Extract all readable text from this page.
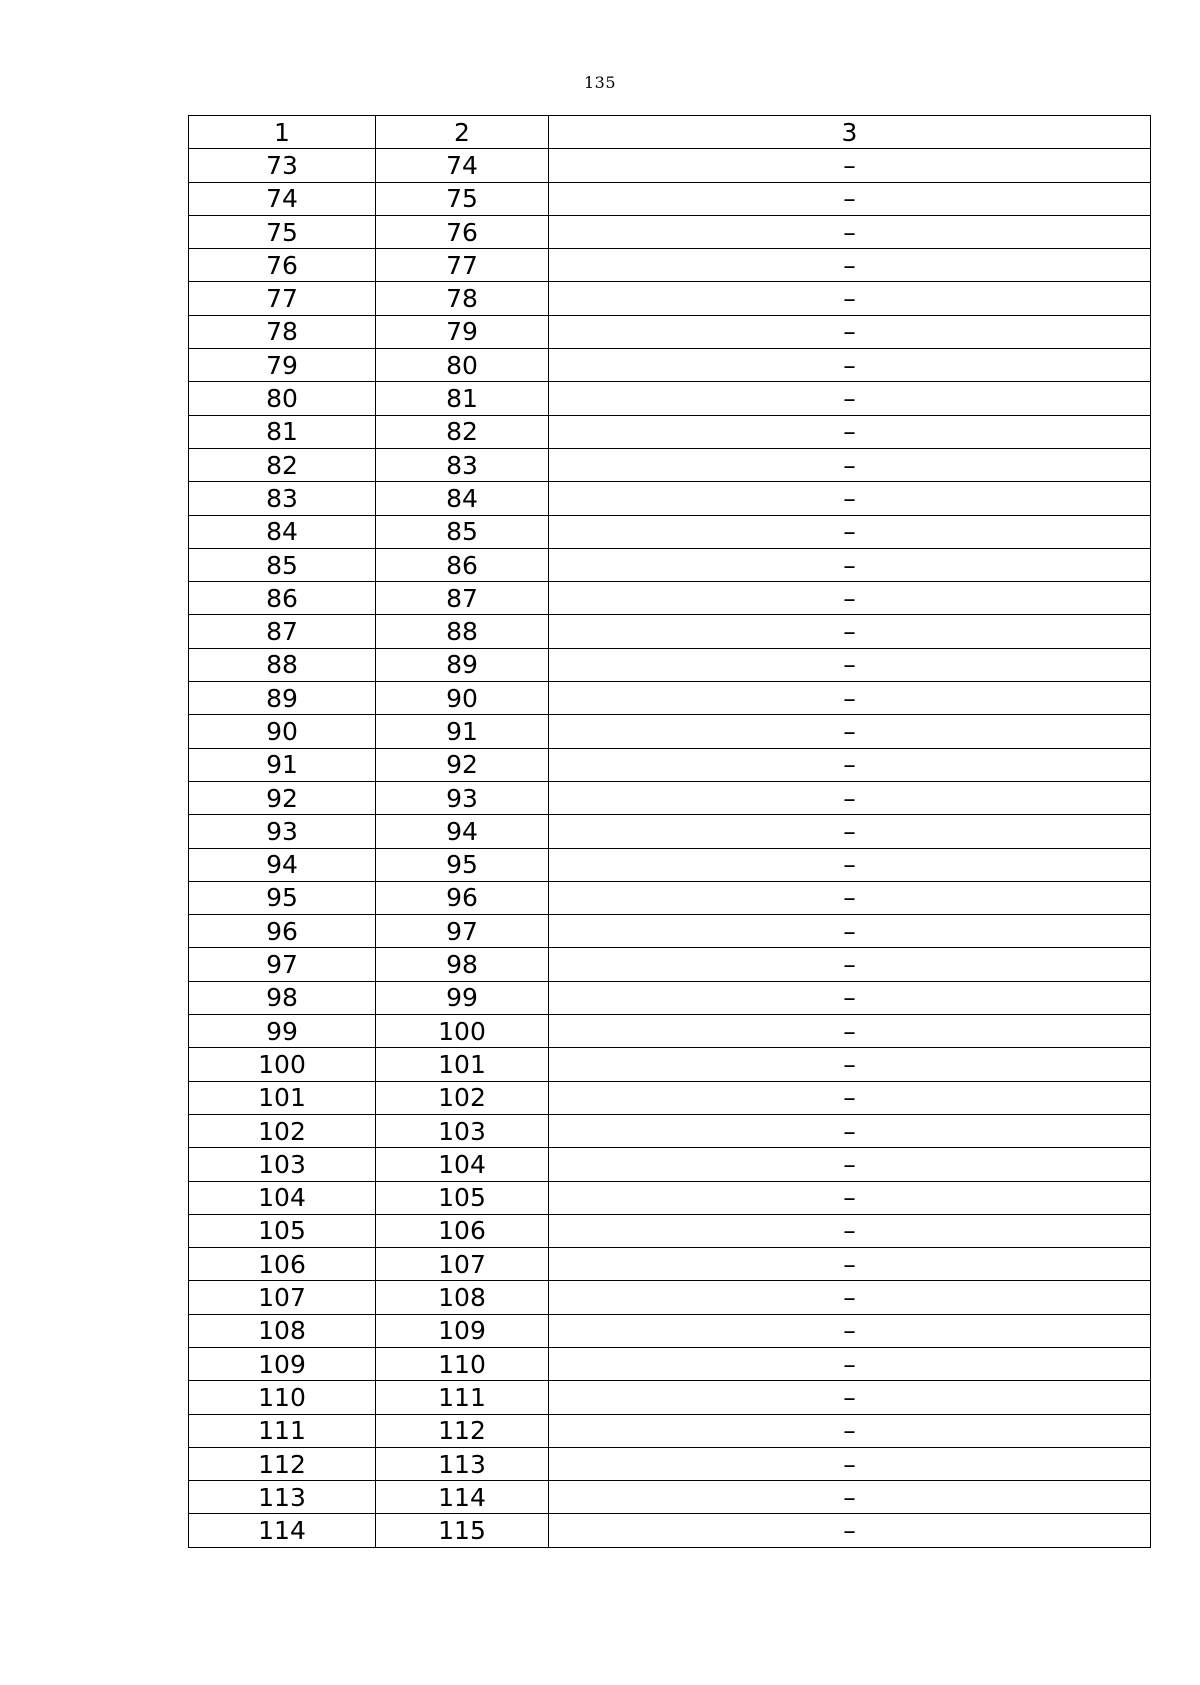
135
1	2	3
73	74	–
74	75	–
75	76	–
76	77	–
77	78	–
78	79	–
79	80	–
80	81	–
81	82	–
82	83	–
83	84	–
84	85	–
85	86	–
86	87	–
87	88	–
88	89	–
89	90	–
90	91	–
91	92	–
92	93	–
93	94	–
94	95	–
95	96	–
96	97	–
97	98	–
98	99	–
99	100	–
100	101	–
101	102	–
102	103	–
103	104	–
104	105	–
105	106	–
106	107	–
107	108	–
108	109	–
109	110	–
110	111	–
111	112	–
112	113	–
113	114	–
114	115	–
